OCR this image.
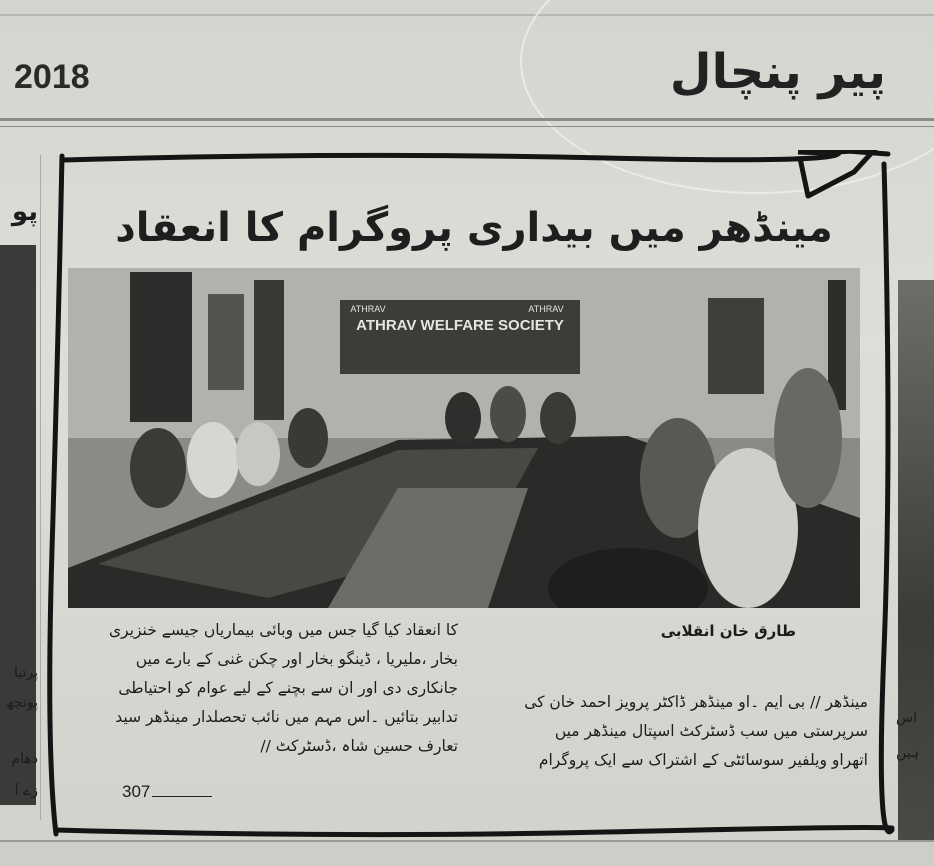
2018	پیر پنچال
پو
پرتیا
پونچھ
دھام
زے آ
اس
ہیں
مینڈھر میں بیداری پروگرام کا انعقاد
ATHRAV WELFARE SOCIETY
ATHRAV	ATHRAV
طارق خان انقلابی

کا انعقاد کیا گیا جس میں وبائی بیماریاں جیسے خنزیری

بخار ،ملیریا ، ڈینگو بخار اور چکن غنی کے بارے میں

جانکاری دی اور ان سے بچنے کے لیے عوام کو احتیاطی

تدابیر بتائیں ۔اس مہم میں نائب تحصلدار مینڈھر سید

تعارف حسین شاہ ،ڈسٹرکٹ //

مینڈھر // بی ایم ۔او مینڈھر ڈاکٹر پرویز احمد خان کی

سرپرستی میں سب ڈسٹرکٹ اسپتال مینڈھر میں

اتھراو ویلفیر سوسائٹی کے اشتراک سے ایک پروگرام

307
